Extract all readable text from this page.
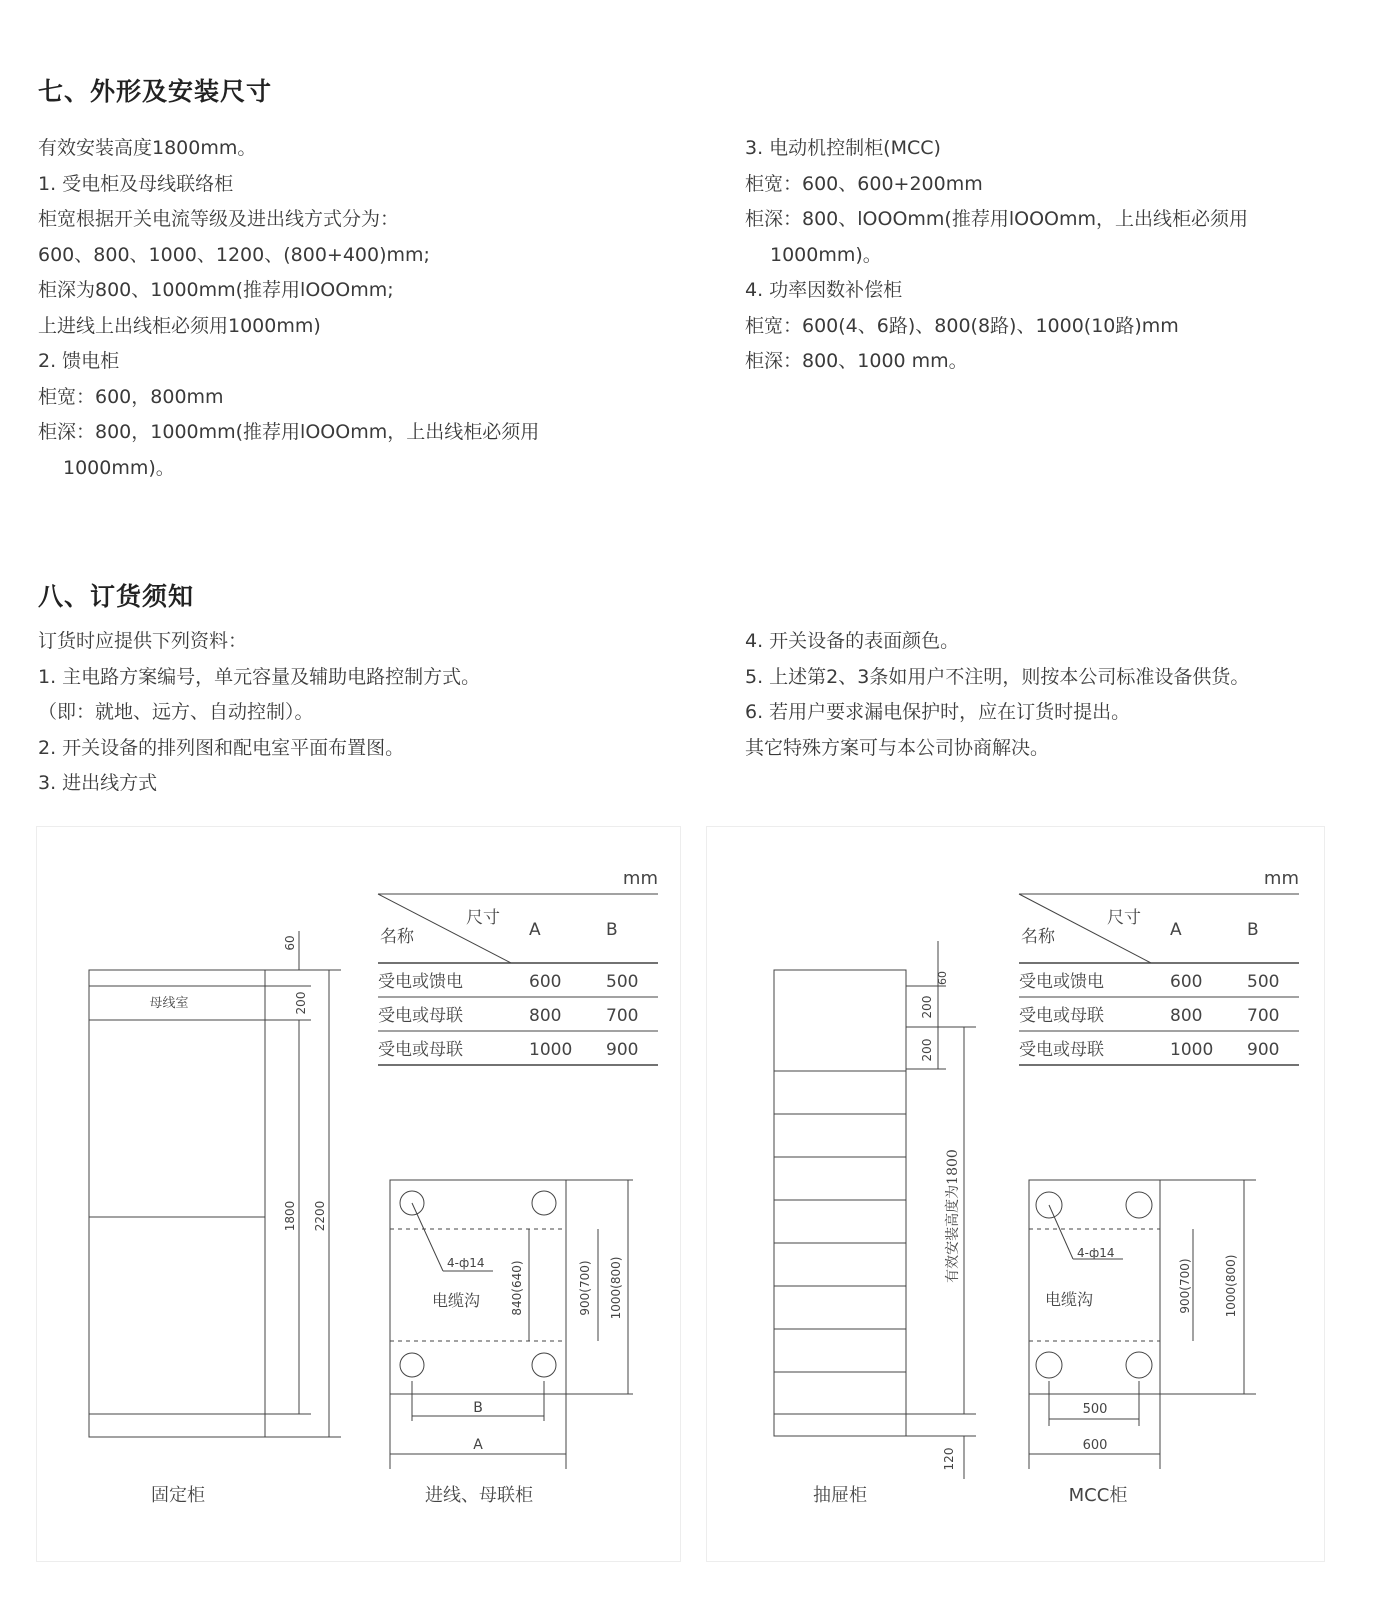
七、外形及安装尺寸
有效安装高度1800mm。
1. 受电柜及母线联络柜
柜宽根据开关电流等级及进出线方式分为：
600、800、1000、1200、(800+400)mm;
柜深为800、1000mm(推荐用lOOOmm;
上进线上出线柜必须用1000mm)
2. 馈电柜
柜宽：600，800mm
柜深：800，1000mm(推荐用lOOOmm，上出线柜必须用
1000mm)。
3. 电动机控制柜(MCC)
柜宽：600、600+200mm
柜深：800、lOOOmm(推荐用lOOOmm，上出线柜必须用
1000mm)。
4. 功率因数补偿柜
柜宽：600(4、6路)、800(8路)、1000(10路)mm
柜深：800、1000 mm。
八、订货须知
订货时应提供下列资料：
1. 主电路方案编号，单元容量及辅助电路控制方式。
（即：就地、远方、自动控制）。
2. 开关设备的排列图和配电室平面布置图。
3. 进出线方式
4. 开关设备的表面颜色。
5. 上述第2、3条如用户不注明，则按本公司标准设备供货。
6. 若用户要求漏电保护时，应在订货时提出。
其它特殊方案可与本公司协商解决。
mm
尺寸
名称	A	B
受电或馈电	600	500
受电或母联	800	700
受电或母联	1000 900
母线室
60
200
1800 2200
4-ф14
电缆沟 840(640)	900(700) 1000(800)
B
A
固定柜	进线、母联柜
mm
尺寸
名称	A	B
受电或馈电	600	500
受电或母联	800	700
受电或母联	1000 900
60
200
200
有效安装高度为1800
120
4-ф14
电缆沟	900(700)	1000(800)
500
600
抽屉柜	MCC柜
